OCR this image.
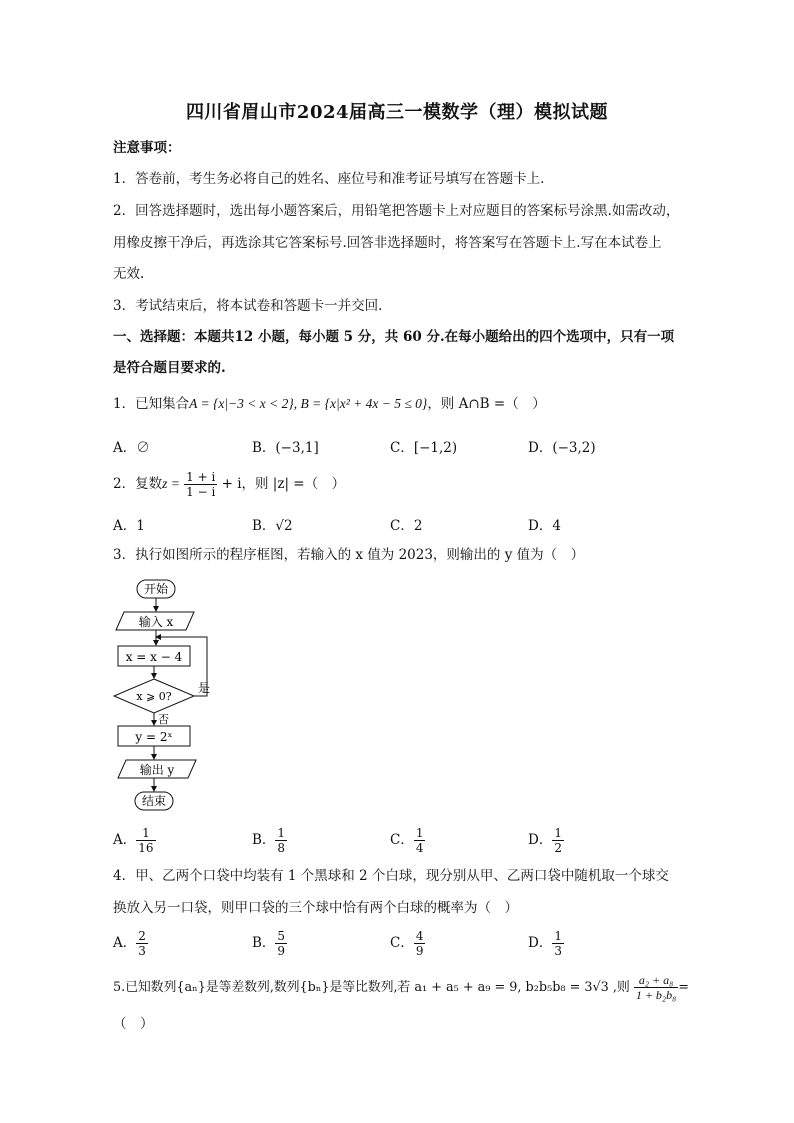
四川省眉山市2024届高三一模数学（理）模拟试题
注意事项：
1．答卷前，考生务必将自己的姓名、座位号和准考证号填写在答题卡上.
2．回答选择题时，选出每小题答案后，用铅笔把答题卡上对应题目的答案标号涂黑.如需改动，
用橡皮擦干净后，再选涂其它答案标号.回答非选择题时，将答案写在答题卡上.写在本试卷上
无效.
3．考试结束后，将本试卷和答题卡一并交回.
一、选择题：本题共12 小题，每小题 5 分，共 60 分.在每小题给出的四个选项中，只有一项
是符合题目要求的.
1．已知集合A = {x|−3 < x < 2}, B = {x|x² + 4x − 5 ≤ 0}，则 A∩B =（　）
A．∅	B．(−3,1]	C．[−1,2)	D．(−3,2)
2．复数$z = \frac{1 + i}{1 - i} + i$，则 |z| =（　）
A．1	B．√2	C．2	D．4
3．执行如图所示的程序框图，若输入的 x 值为 2023，则输出的 y 值为（　）
开始
输入 x
x = x − 4
x ⩾ 0?
是
否
y = 2ˣ
输出 y
结束
A． $\frac{1}{16}$	B． $\frac{1}{8}$	C． $\frac{1}{4}$	D． $\frac{1}{2}$
4．甲、乙两个口袋中均装有 1 个黑球和 2 个白球，现分别从甲、乙两口袋中随机取一个球交
换放入另一口袋，则甲口袋的三个球中恰有两个白球的概率为（　）
A． $\frac{2}{3}$	B． $\frac{5}{9}$	C． $\frac{4}{9}$	D． $\frac{1}{3}$
5.已知数列{aₙ}是等差数列,数列{bₙ}是等比数列,若 a₁ + a₅ + a₉ = 9, b₂b₅b₈ = 3√3 ,则 $\frac{\text{a₂ + a₈}}{\text{1 + b₂b₈}}$ =
（　）
